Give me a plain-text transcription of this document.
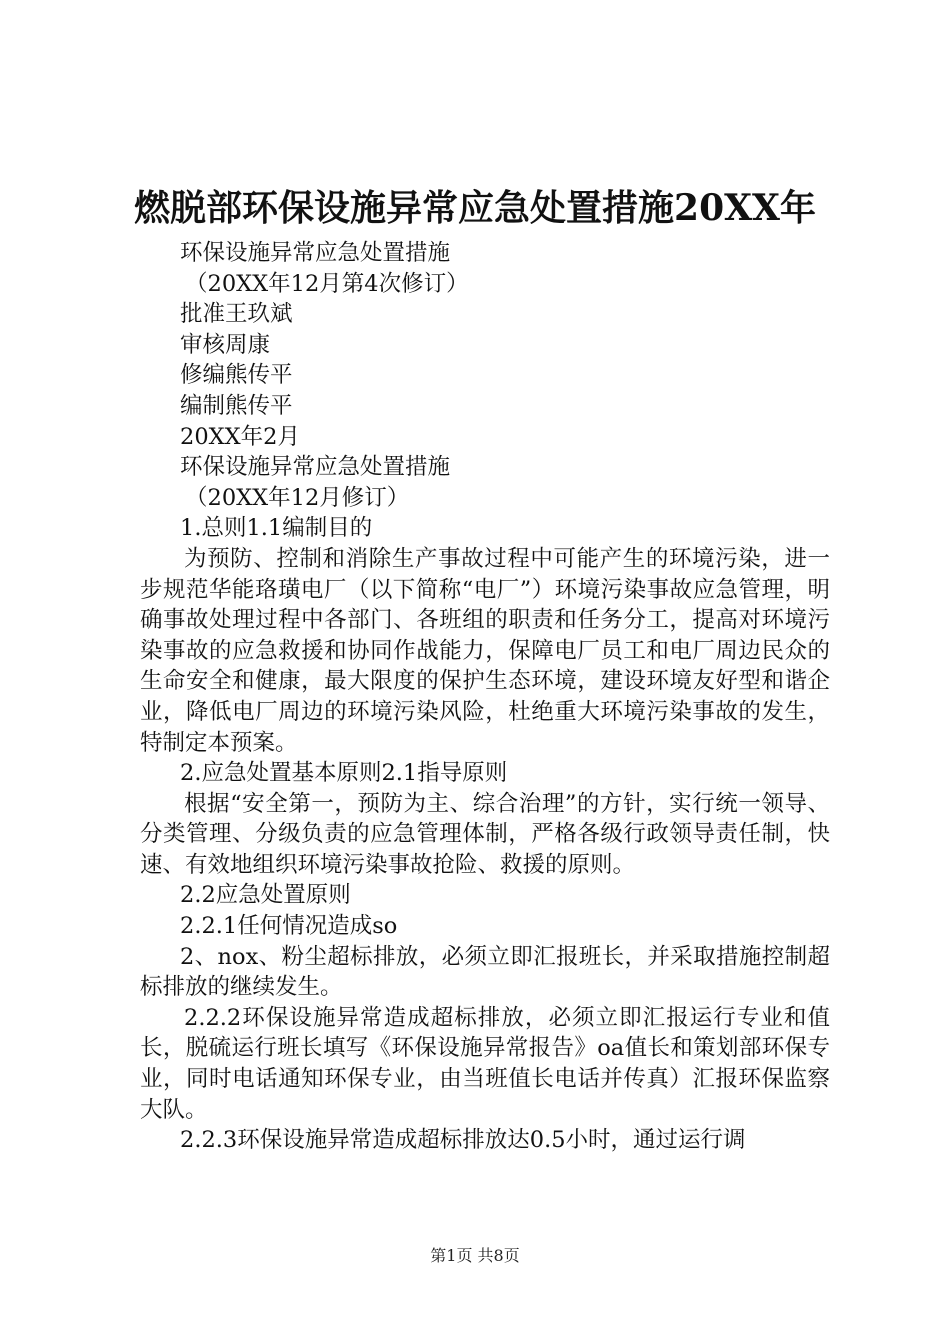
燃脱部环保设施异常应急处置措施20XX年
环保设施异常应急处置措施
（20XX年12月第4次修订）
批准王玖斌
审核周康
修编熊传平
编制熊传平
20XX年2月
环保设施异常应急处置措施
（20XX年12月修订）
1.总则1.1编制目的
为预防、控制和消除生产事故过程中可能产生的环境污染，进一步规范华能珞璜电厂（以下简称“电厂”）环境污染事故应急管理，明确事故处理过程中各部门、各班组的职责和任务分工，提高对环境污染事故的应急救援和协同作战能力，保障电厂员工和电厂周边民众的生命安全和健康，最大限度的保护生态环境，建设环境友好型和谐企业，降低电厂周边的环境污染风险，杜绝重大环境污染事故的发生，特制定本预案。
2.应急处置基本原则2.1指导原则
根据“安全第一，预防为主、综合治理”的方针，实行统一领导、分类管理、分级负责的应急管理体制，严格各级行政领导责任制，快速、有效地组织环境污染事故抢险、救援的原则。
2.2应急处置原则
2.2.1任何情况造成so
2、nox、粉尘超标排放，必须立即汇报班长，并采取措施控制超标排放的继续发生。
2.2.2环保设施异常造成超标排放，必须立即汇报运行专业和值长，脱硫运行班长填写《环保设施异常报告》oa值长和策划部环保专业，同时电话通知环保专业，由当班值长电话并传真）汇报环保监察大队。
2.2.3环保设施异常造成超标排放达0.5小时，通过运行调
第1页 共8页
